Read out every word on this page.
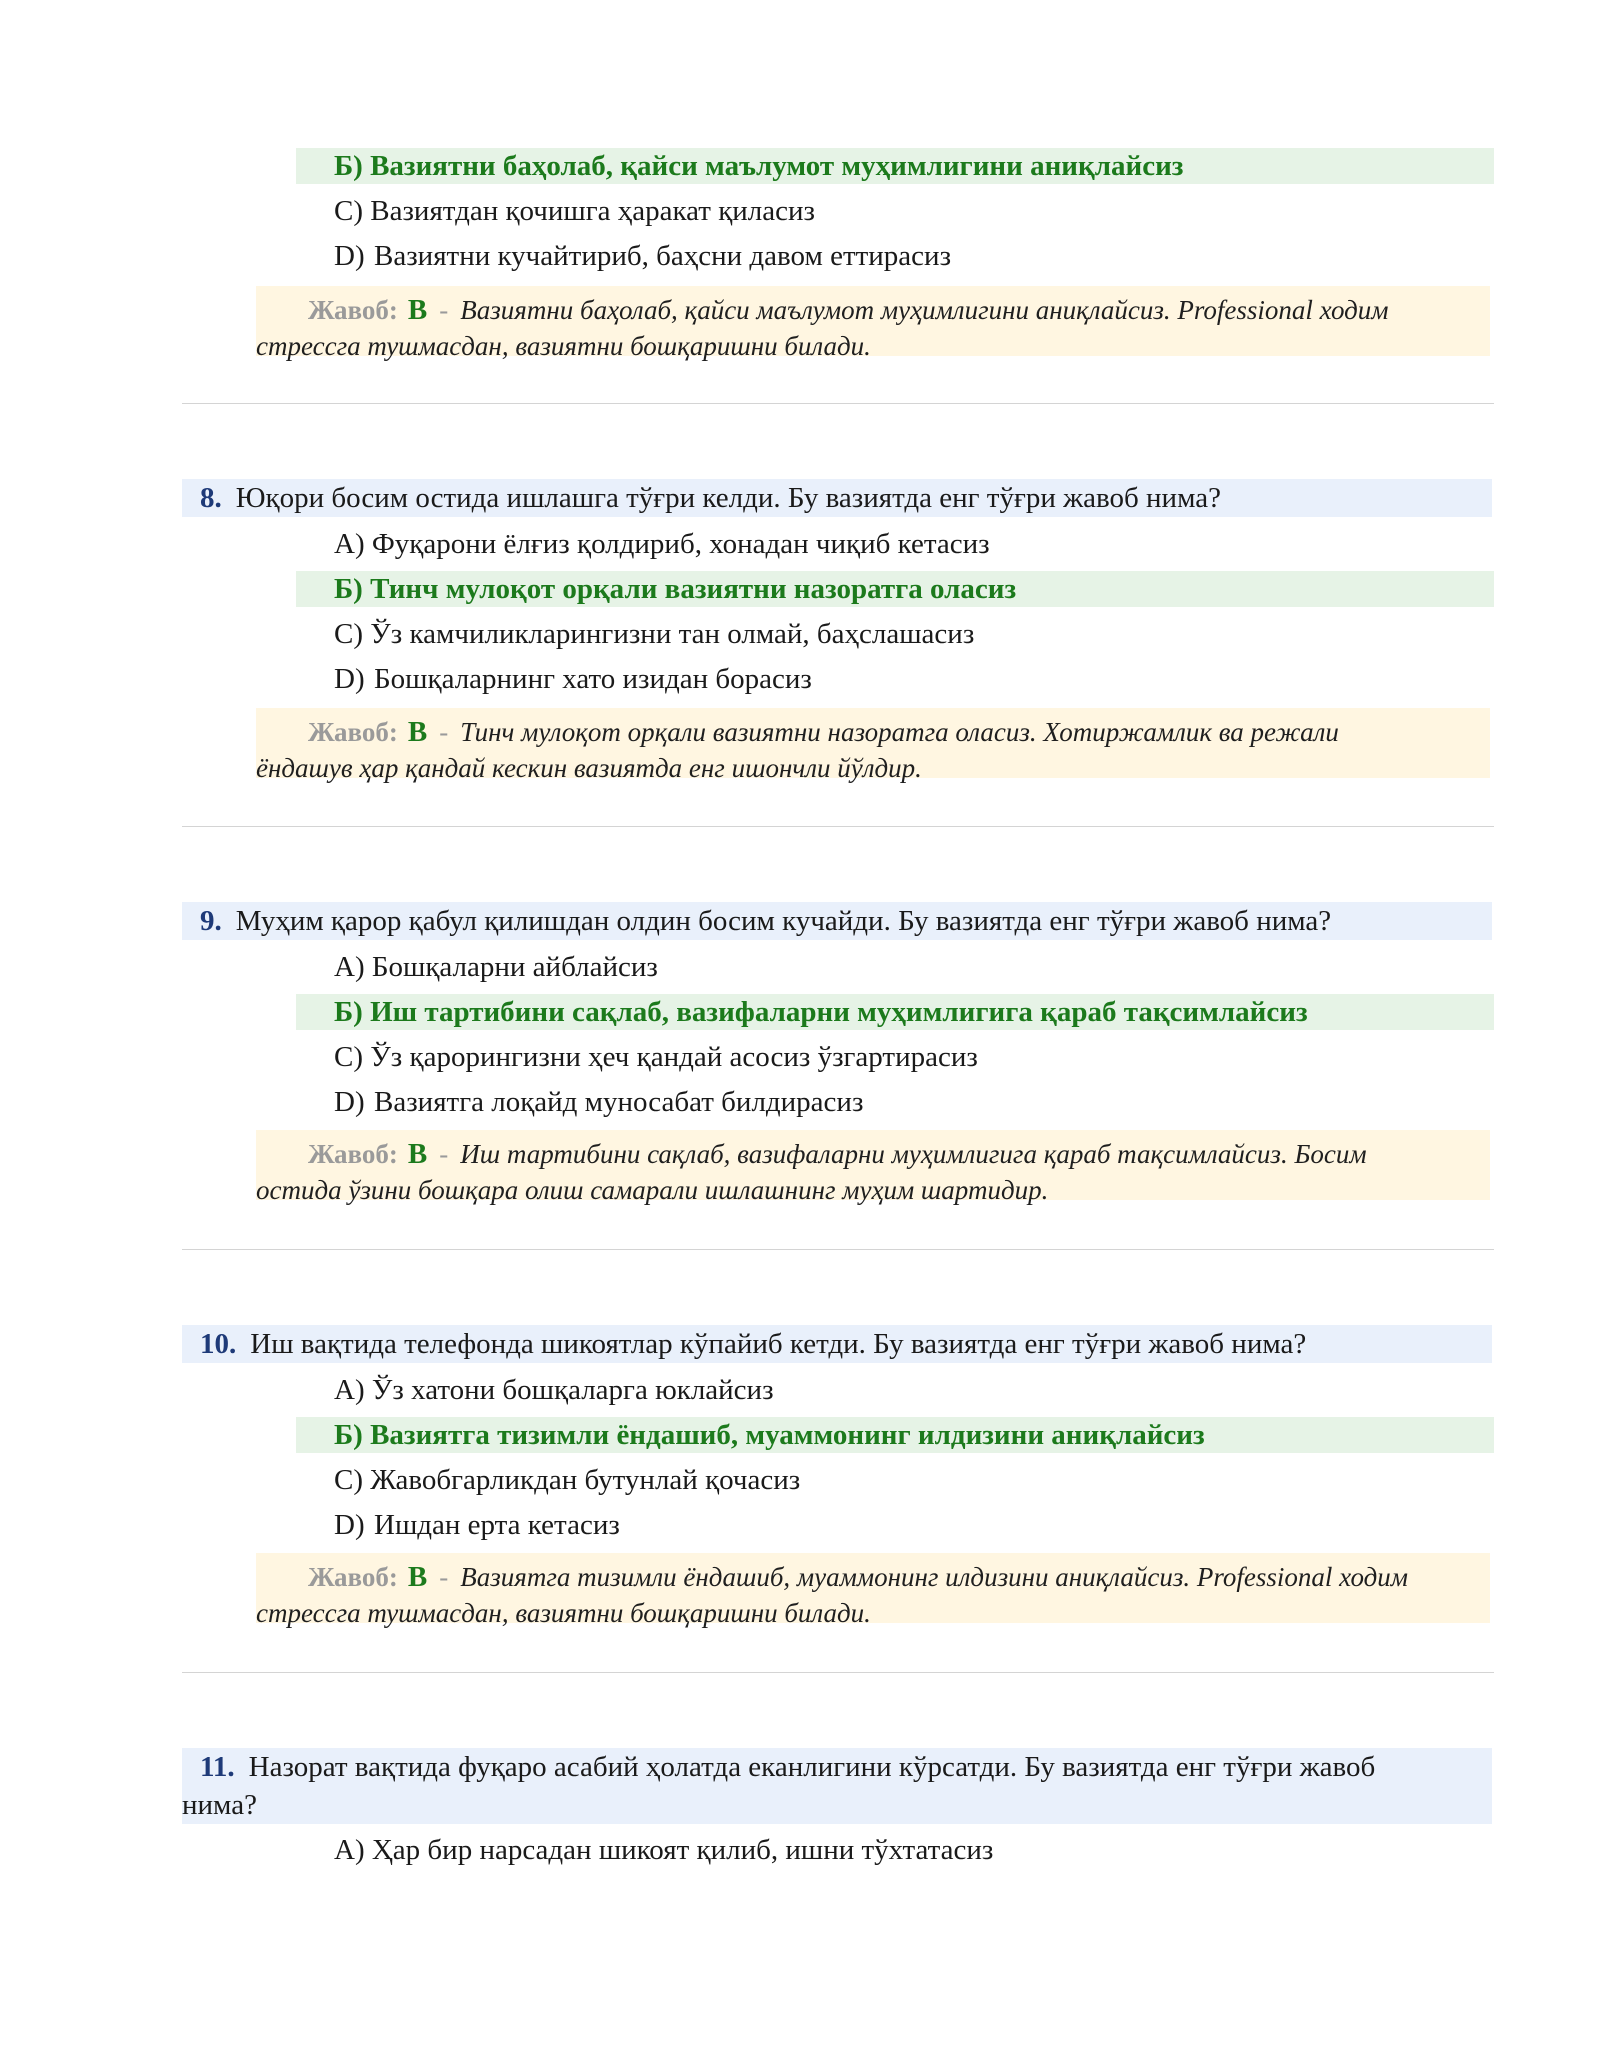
Б) Вазиятни баҳолаб, қайси маълумот муҳимлигини аниқлайсиз
C) Вазиятдан қочишга ҳаракат қиласиз
D) Вазиятни кучайтириб, баҳсни давом еттирасиз
Жавоб: B - Вазиятни баҳолаб, қайси маълумот муҳимлигини аниқлайсиз. Professional ходим
стрессга тушмасдан, вазиятни бошқаришни билади.
8. Юқори босим остида ишлашга тўғри келди. Бу вазиятда енг тўғри жавоб нима?
А) Фуқарони ёлғиз қолдириб, хонадан чиқиб кетасиз
Б) Тинч мулоқот орқали вазиятни назоратга оласиз
C) Ўз камчиликларингизни тан олмай, баҳслашасиз
D) Бошқаларнинг хато изидан борасиз
Жавоб: B - Тинч мулоқот орқали вазиятни назоратга оласиз. Хотиржамлик ва режали
ёндашув ҳар қандай кескин вазиятда енг ишончли йўлдир.
9. Муҳим қарор қабул қилишдан олдин босим кучайди. Бу вазиятда енг тўғри жавоб нима?
А) Бошқаларни айблайсиз
Б) Иш тартибини сақлаб, вазифаларни муҳимлигига қараб тақсимлайсиз
C) Ўз қарорингизни ҳеч қандай асосиз ўзгартирасиз
D) Вазиятга лоқайд муносабат билдирасиз
Жавоб: B - Иш тартибини сақлаб, вазифаларни муҳимлигига қараб тақсимлайсиз. Босим
остида ўзини бошқара олиш самарали ишлашнинг муҳим шартидир.
10. Иш вақтида телефонда шикоятлар кўпайиб кетди. Бу вазиятда енг тўғри жавоб нима?
А) Ўз хатони бошқаларга юклайсиз
Б) Вазиятга тизимли ёндашиб, муаммонинг илдизини аниқлайсиз
C) Жавобгарликдан бутунлай қочасиз
D) Ишдан ерта кетасиз
Жавоб: B - Вазиятга тизимли ёндашиб, муаммонинг илдизини аниқлайсиз. Professional ходим
стрессга тушмасдан, вазиятни бошқаришни билади.
11. Назорат вақтида фуқаро асабий ҳолатда еканлигини кўрсатди. Бу вазиятда енг тўғри жавоб
нима?
А) Ҳар бир нарсадан шикоят қилиб, ишни тўхтатасиз
